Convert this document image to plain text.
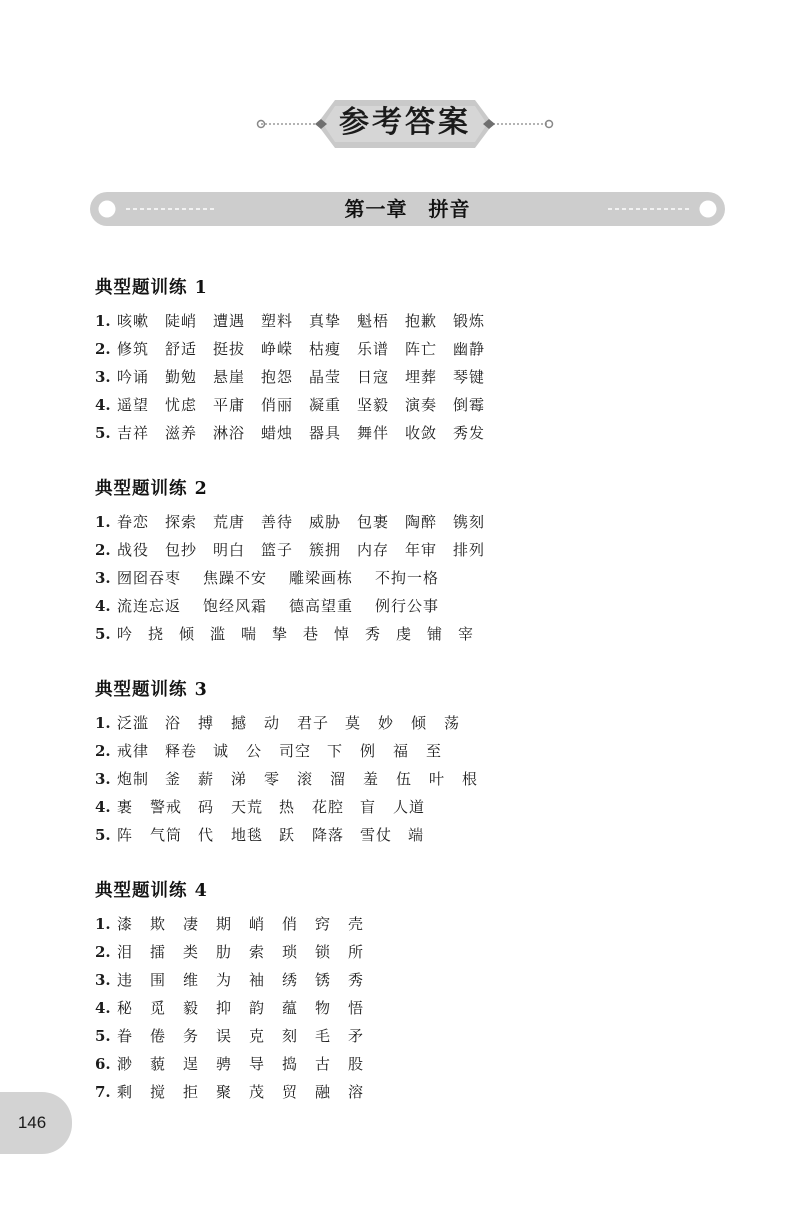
参考答案
第一章　拼音
典型题训练 1
1. 咳嗽	陡峭	遭遇	塑料	真挚	魁梧	抱歉	锻炼
2. 修筑	舒适	挺拔	峥嵘	枯瘦	乐谱	阵亡	幽静
3. 吟诵	勤勉	悬崖	抱怨	晶莹	日寇	埋葬	琴键
4. 遥望	忧虑	平庸	俏丽	凝重	坚毅	演奏	倒霉
5. 吉祥	滋养	淋浴	蜡烛	器具	舞伴	收敛	秀发
典型题训练 2
1. 眷恋	探索	荒唐	善待	威胁	包裹	陶醉	镌刻
2. 战役	包抄	明白	篮子	簇拥	内存	年审	排列
3. 囫囵吞枣	焦躁不安	雕梁画栋	不拘一格
4. 流连忘返	饱经风霜	德高望重	例行公事
5. 吟 挠 倾 滥 喘 挚 巷 悼 秀 虔 铺 宰
典型题训练 3
1. 泛滥	浴	搏	撼	动	君子	莫	妙	倾	荡
2. 戒律	释卷	诚	公	司空	下	例	福	至
3. 炮制	釜	薪	涕	零	滚	溜	羞	伍	叶	根
4. 裹	警戒	码	天荒	热	花腔	盲	人道
5. 阵	气筒	代	地毯	跃	降落	雪仗	端
典型题训练 4
1. 漆	欺	凄	期	峭	俏	窍	壳
2. 泪	擂	类	肋	索	琐	锁	所
3. 违	围	维	为	袖	绣	锈	秀
4. 秘	觅	毅	抑	韵	蕴	物	悟
5. 眷	倦	务	误	克	刻	毛	矛
6. 渺	藐	逞	骋	导	捣	古	股
7. 剩	搅	拒	聚	茂	贸	融	溶
146
